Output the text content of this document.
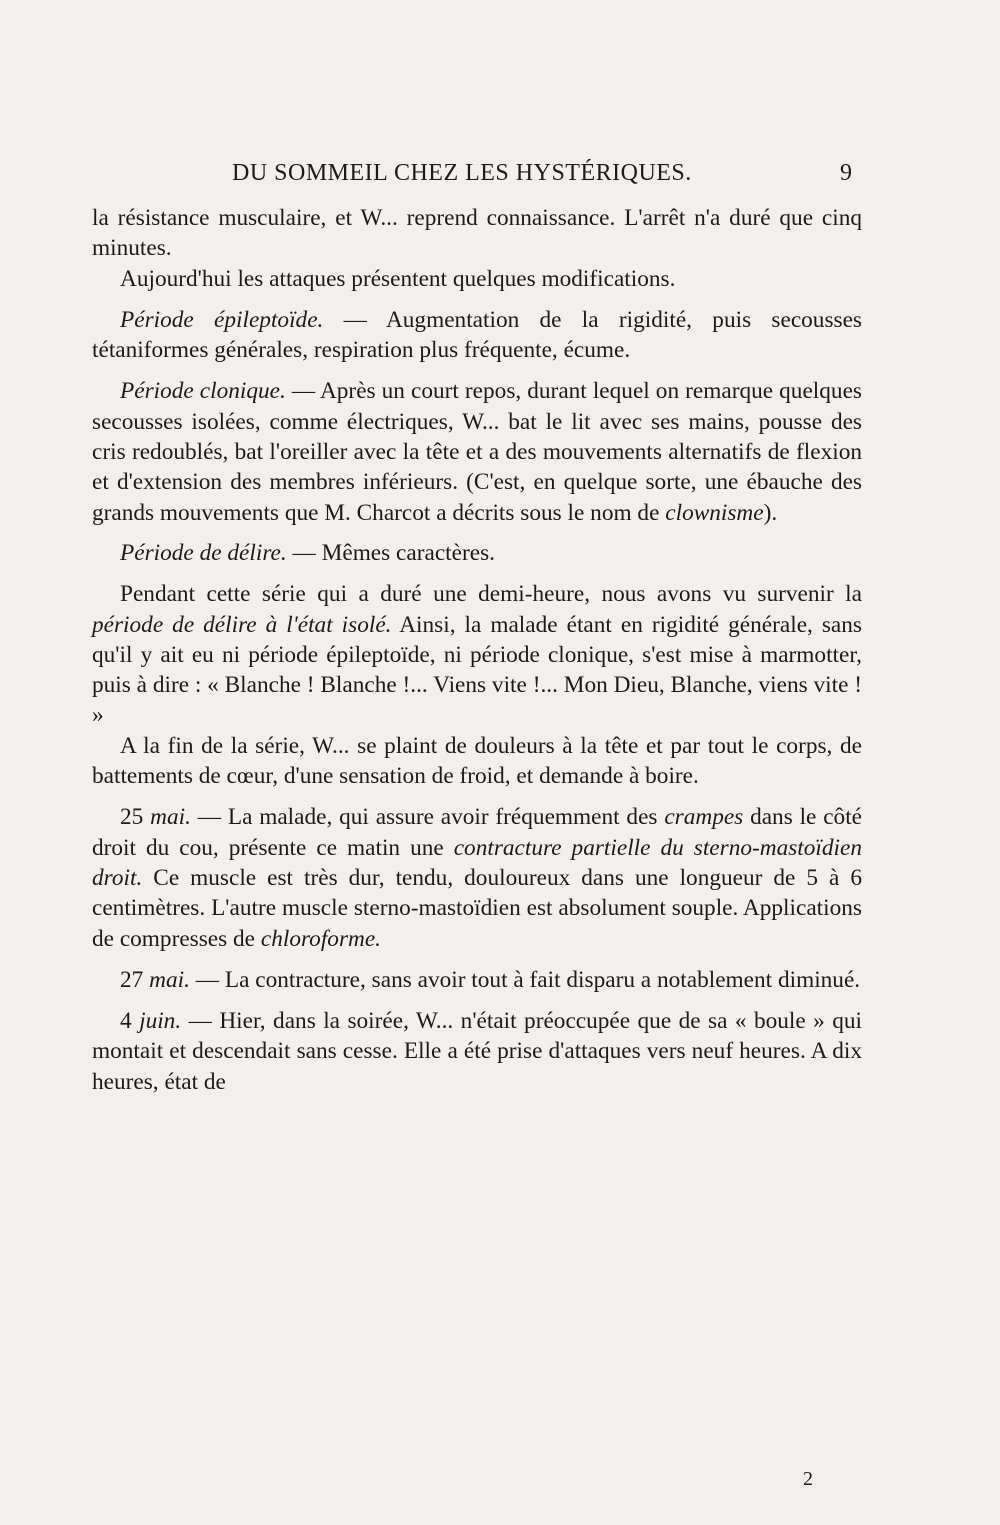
DU SOMMEIL CHEZ LES HYSTÉRIQUES.	9

la résistance musculaire, et W... reprend connaissance. L'arrêt n'a duré que cinq minutes.

Aujourd'hui les attaques présentent quelques modifications.

Période épileptoïde. — Augmentation de la rigidité, puis secousses tétaniformes générales, respiration plus fréquente, écume.

Période clonique. — Après un court repos, durant lequel on remarque quelques secousses isolées, comme électriques, W... bat le lit avec ses mains, pousse des cris redoublés, bat l'oreiller avec la tête et a des mouvements alternatifs de flexion et d'extension des membres inférieurs. (C'est, en quelque sorte, une ébauche des grands mouvements que M. Charcot a décrits sous le nom de clownisme).

Période de délire. — Mêmes caractères.

Pendant cette série qui a duré une demi-heure, nous avons vu survenir la période de délire à l'état isolé. Ainsi, la malade étant en rigidité générale, sans qu'il y ait eu ni période épileptoïde, ni période clonique, s'est mise à marmotter, puis à dire : « Blanche ! Blanche !... Viens vite !... Mon Dieu, Blanche, viens vite ! »

A la fin de la série, W... se plaint de douleurs à la tête et par tout le corps, de battements de cœur, d'une sensation de froid, et demande à boire.

25 mai. — La malade, qui assure avoir fréquemment des crampes dans le côté droit du cou, présente ce matin une contracture partielle du sterno-mastoïdien droit. Ce muscle est très dur, tendu, douloureux dans une longueur de 5 à 6 centimètres. L'autre muscle sterno-mastoïdien est absolument souple. Applications de compresses de chloroforme.

27 mai. — La contracture, sans avoir tout à fait disparu a notablement diminué.

4 juin. — Hier, dans la soirée, W... n'était préoccupée que de sa « boule » qui montait et descendait sans cesse. Elle a été prise d'attaques vers neuf heures. A dix heures, état de

2
